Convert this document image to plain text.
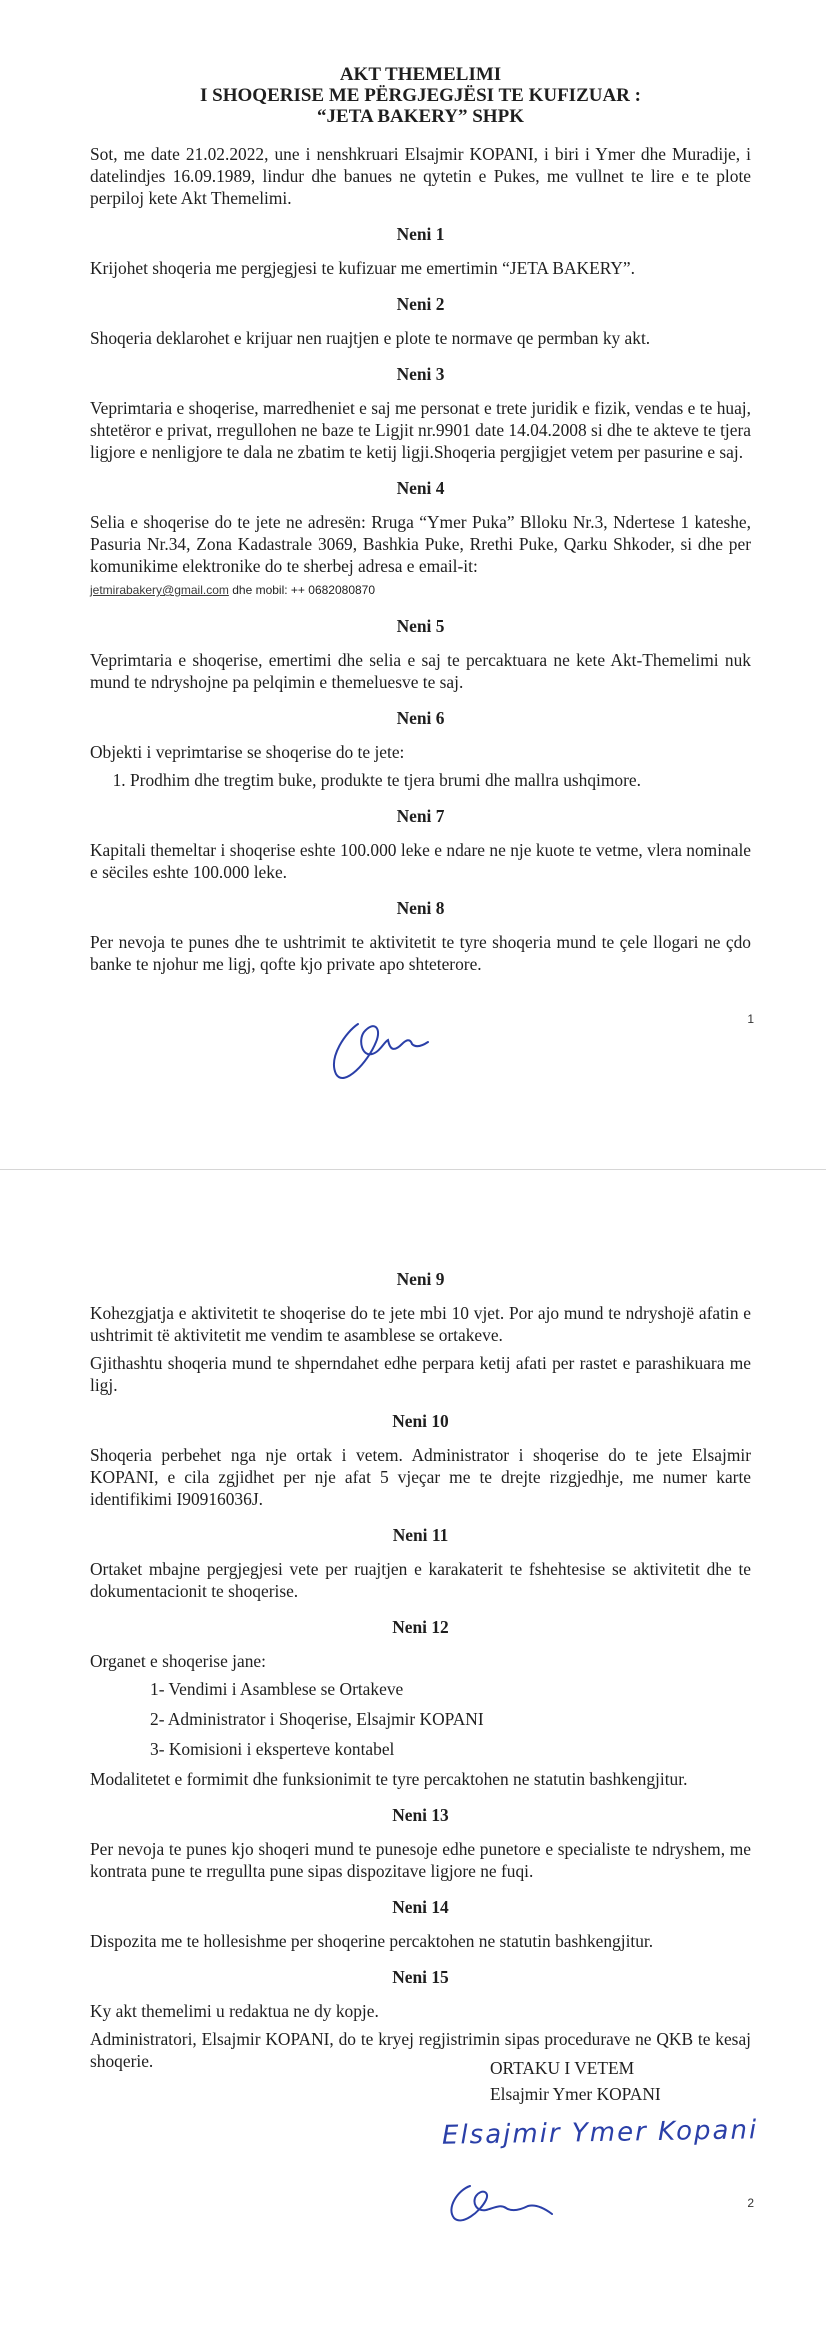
AKT THEMELIMI
I SHOQERISE ME PËRGJEGJËSI TE KUFIZUAR :
“JETA BAKERY” SHPK

Sot, me date 21.02.2022, une i nenshkruari Elsajmir KOPANI, i biri i Ymer dhe Muradije, i datelindjes 16.09.1989, lindur dhe banues ne qytetin e Pukes, me vullnet te lire e te plote perpiloj kete Akt Themelimi.

Neni 1

Krijohet shoqeria me pergjegjesi te kufizuar me emertimin “JETA BAKERY”.

Neni 2

Shoqeria deklarohet e krijuar nen ruajtjen e plote te normave qe permban ky akt.

Neni 3

Veprimtaria e shoqerise, marredheniet e saj me personat e trete juridik e fizik, vendas e te huaj, shtetëror e privat, rregullohen ne baze te Ligjit nr.9901 date 14.04.2008 si dhe te akteve te tjera ligjore e nenligjore te dala ne zbatim te ketij ligji.Shoqeria pergjigjet vetem per pasurine e saj.

Neni 4

Selia e shoqerise do te jete ne adresën: Rruga “Ymer Puka” Blloku Nr.3, Ndertese 1 kateshe, Pasuria Nr.34, Zona Kadastrale 3069, Bashkia Puke, Rrethi Puke, Qarku Shkoder, si dhe per komunikime elektronike do te sherbej adresa e email-it:
jetmirabakery@gmail.com dhe mobil: ++ 0682080870

Neni 5

Veprimtaria e shoqerise, emertimi dhe selia e saj te percaktuara ne kete Akt-Themelimi nuk mund te ndryshojne pa pelqimin e themeluesve te saj.

Neni 6

Objekti i veprimtarise se shoqerise do te jete:

1. Prodhim dhe tregtim buke, produkte te tjera brumi dhe mallra ushqimore.
Neni 7

Kapitali themeltar i shoqerise eshte 100.000 leke e ndare ne nje kuote te vetme, vlera nominale e sëciles eshte 100.000 leke.

Neni 8

Per nevoja te punes dhe te ushtrimit te aktivitetit te tyre shoqeria mund te çele llogari ne çdo banke te njohur me ligj, qofte kjo private apo shteterore.

1
Neni 9

Kohezgjatja e aktivitetit te shoqerise do te jete mbi 10 vjet. Por ajo mund te ndryshojë afatin e ushtrimit të aktivitetit me vendim te asamblese se ortakeve.

Gjithashtu shoqeria mund te shperndahet edhe perpara ketij afati per rastet e parashikuara me ligj.

Neni 10

Shoqeria perbehet nga nje ortak i vetem. Administrator i shoqerise do te jete Elsajmir KOPANI, e cila zgjidhet per nje afat 5 vjeçar me te drejte rizgjedhje, me numer karte identifikimi I90916036J.

Neni 11

Ortaket mbajne pergjegjesi vete per ruajtjen e karakaterit te fshehtesise se aktivitetit dhe te dokumentacionit te shoqerise.

Neni 12

Organet e shoqerise jane:

1- Vendimi i Asamblese se Ortakeve
2- Administrator i Shoqerise, Elsajmir KOPANI
3- Komisioni i eksperteve kontabel

Modalitetet e formimit dhe funksionimit te tyre percaktohen ne statutin bashkengjitur.

Neni 13

Per nevoja te punes kjo shoqeri mund te punesoje edhe punetore e specialiste te ndryshem, me kontrata pune te rregullta pune sipas dispozitave ligjore ne fuqi.

Neni 14

Dispozita me te hollesishme per shoqerine percaktohen ne statutin bashkengjitur.

Neni 15

Ky akt themelimi u redaktua ne dy kopje.

Administratori, Elsajmir KOPANI, do te kryej regjistrimin sipas procedurave ne QKB te kesaj shoqerie.	ORTAKU I VETEM
Elsajmir Ymer KOPANI
Elsajmir Ymer Kopani
2
